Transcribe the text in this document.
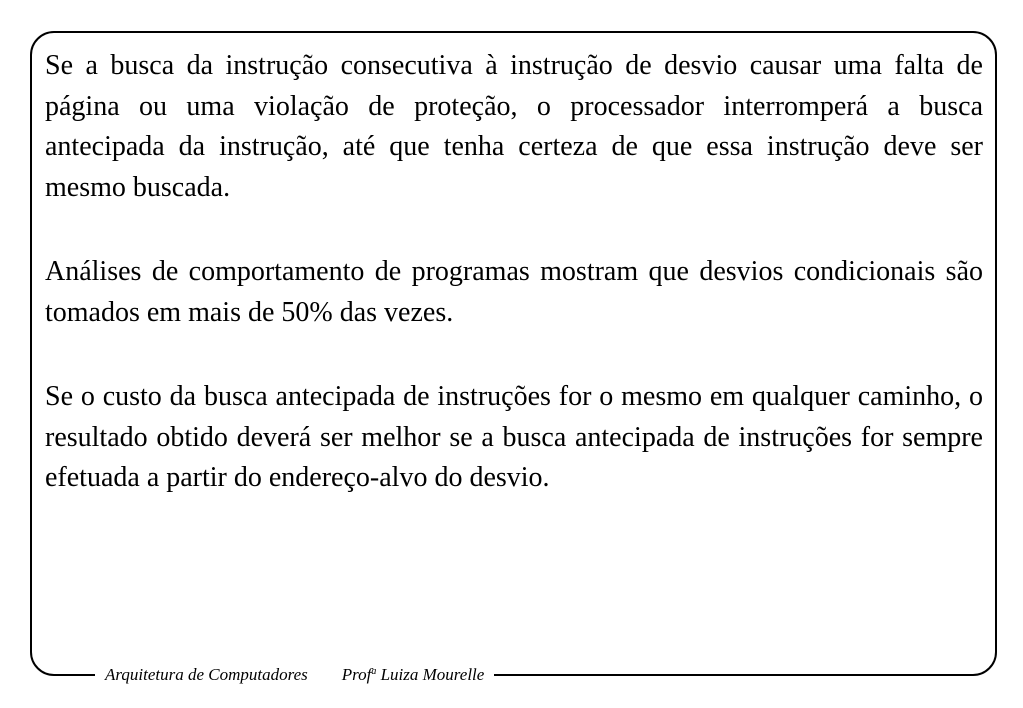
Se a busca da instrução consecutiva à instrução de desvio causar uma falta de página ou uma violação de proteção, o processador interromperá a busca antecipada da instrução, até que tenha certeza de que essa instrução deve ser mesmo buscada.

Análises de comportamento de programas mostram que desvios condicionais são tomados em mais de 50% das vezes.

Se o custo da busca antecipada de instruções for o mesmo em qualquer caminho, o resultado obtido deverá ser melhor se a busca antecipada de instruções for sempre efetuada a partir do endereço-alvo do desvio.

Arquitetura de Computadores Prof$^a$ Luiza Mourelle
